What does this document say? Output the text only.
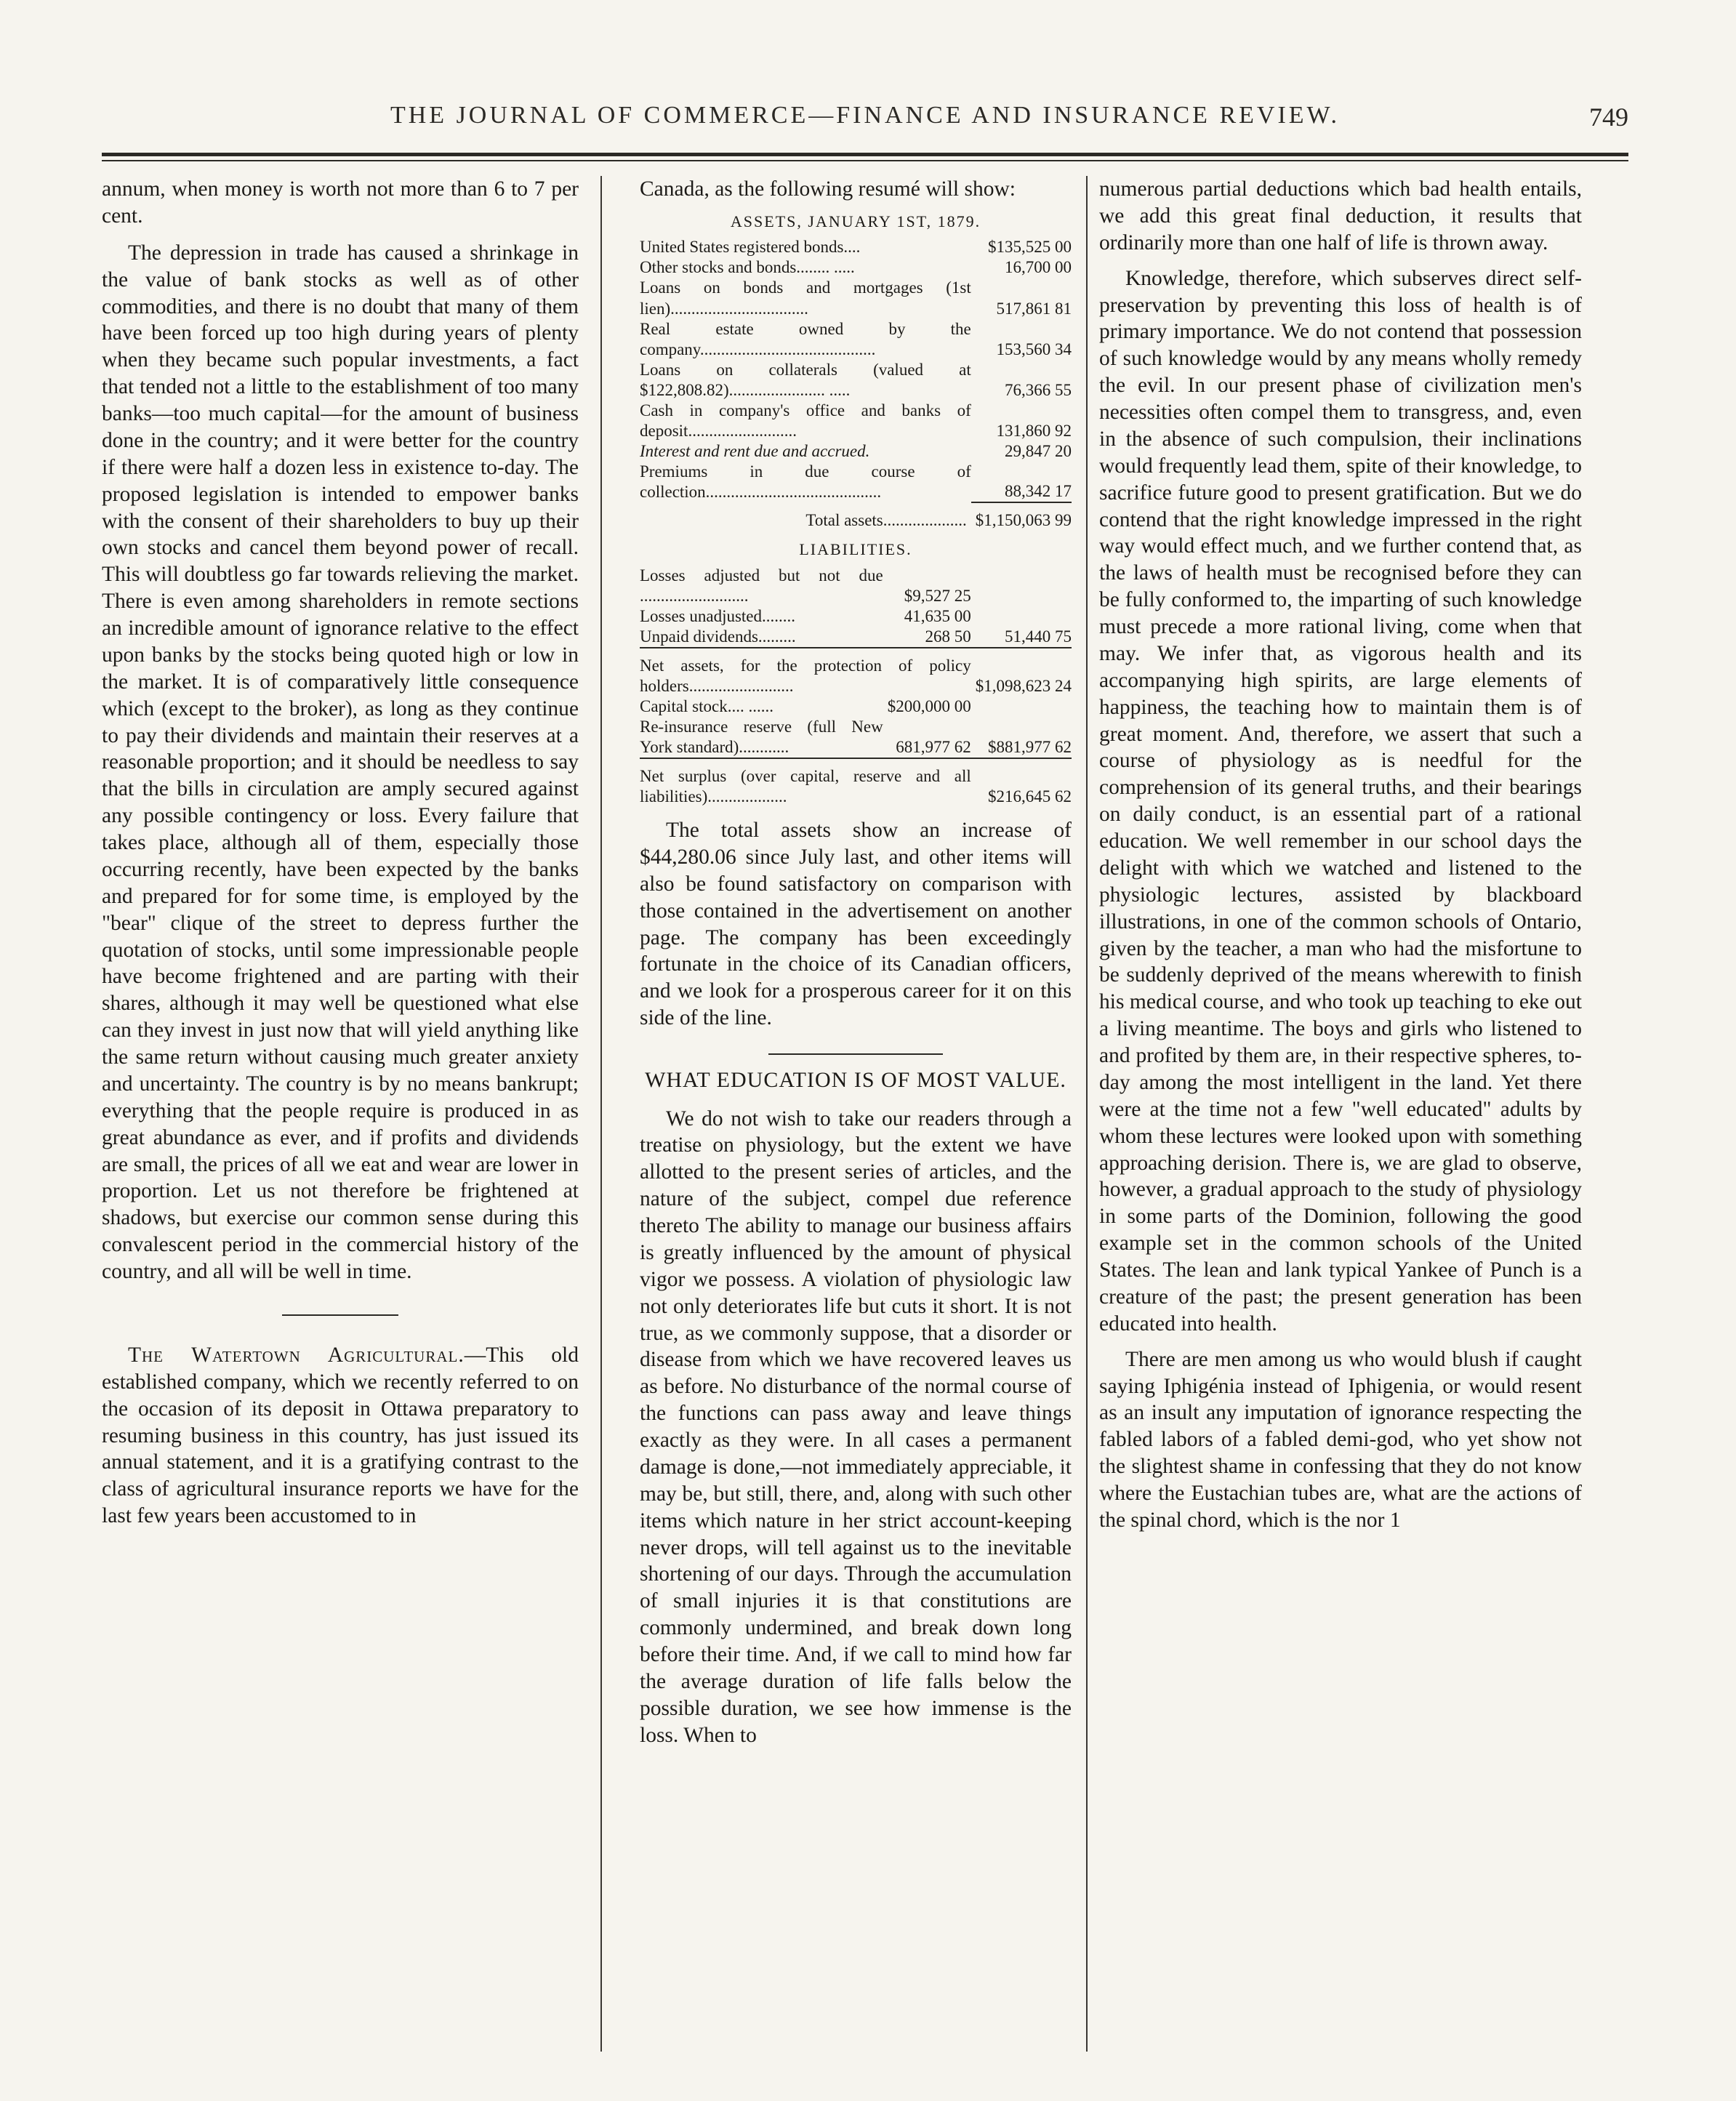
THE JOURNAL OF COMMERCE—FINANCE AND INSURANCE REVIEW.	749

annum, when money is worth not more than 6 to 7 per cent.

The depression in trade has caused a shrinkage in the value of bank stocks as well as of other commodities, and there is no doubt that many of them have been forced up too high during years of plenty when they became such popular investments, a fact that tended not a little to the establishment of too many banks—too much capital—for the amount of business done in the country; and it were better for the country if there were half a dozen less in existence to-day. The proposed legislation is intended to empower banks with the consent of their shareholders to buy up their own stocks and cancel them beyond power of recall. This will doubtless go far towards relieving the market. There is even among shareholders in remote sections an incredible amount of ignorance relative to the effect upon banks by the stocks being quoted high or low in the market. It is of comparatively little consequence which (except to the broker), as long as they continue to pay their dividends and maintain their reserves at a reasonable proportion; and it should be needless to say that the bills in circulation are amply secured against any possible contingency or loss. Every failure that takes place, although all of them, especially those occurring recently, have been expected by the banks and prepared for for some time, is employed by the "bear" clique of the street to depress further the quotation of stocks, until some impressionable people have become frightened and are parting with their shares, although it may well be questioned what else can they invest in just now that will yield anything like the same return without causing much greater anxiety and uncertainty. The country is by no means bankrupt; everything that the people require is produced in as great abundance as ever, and if profits and dividends are small, the prices of all we eat and wear are lower in proportion. Let us not therefore be frightened at shadows, but exercise our common sense during this convalescent period in the commercial history of the country, and all will be well in time.

The Watertown Agricultural.—This old established company, which we recently referred to on the occasion of its deposit in Ottawa preparatory to resuming business in this country, has just issued its annual statement, and it is a gratifying contrast to the class of agricultural insurance reports we have for the last few years been accustomed to in

Canada, as the following resumé will show:

ASSETS, JANUARY 1ST, 1879.
United States registered bonds....	$135,525 00
Other stocks and bonds........ .....	16,700 00
Loans on bonds and mortgages (1st lien).................................	517,861 81
Real estate owned by the company..........................................	153,560 34
Loans on collaterals (valued at $122,808.82)....................... .....	76,366 55
Cash in company's office and banks of deposit..........................	131,860 92
Interest and rent due and accrued.	29,847 20
Premiums in due course of collection..........................................	88,342 17
Total assets....................	$1,150,063 99
LIABILITIES.
Losses adjusted but not due ..........................	$9,527 25	
Losses unadjusted........	41,635 00	
Unpaid dividends.........	268 50	51,440 75
Net assets, for the protection of policy holders.........................		$1,098,623 24
Capital stock.... ......	$200,000 00	
Re-insurance reserve (full New York standard)............	681,977 62	$881,977 62
Net surplus (over capital, reserve and all liabilities)...................		$216,645 62

The total assets show an increase of $44,280.06 since July last, and other items will also be found satisfactory on comparison with those contained in the advertisement on another page. The company has been exceedingly fortunate in the choice of its Canadian officers, and we look for a prosperous career for it on this side of the line.

WHAT EDUCATION IS OF MOST VALUE.

We do not wish to take our readers through a treatise on physiology, but the extent we have allotted to the present series of articles, and the nature of the subject, compel due reference thereto The ability to manage our business affairs is greatly influenced by the amount of physical vigor we possess. A violation of physiologic law not only deteriorates life but cuts it short. It is not true, as we commonly suppose, that a disorder or disease from which we have recovered leaves us as before. No disturbance of the normal course of the functions can pass away and leave things exactly as they were. In all cases a permanent damage is done,—not immediately appreciable, it may be, but still, there, and, along with such other items which nature in her strict account-keeping never drops, will tell against us to the inevitable shortening of our days. Through the accumulation of small injuries it is that constitutions are commonly undermined, and break down long before their time. And, if we call to mind how far the average duration of life falls below the possible duration, we see how immense is the loss. When to

numerous partial deductions which bad health entails, we add this great final deduction, it results that ordinarily more than one half of life is thrown away.

Knowledge, therefore, which subserves direct self-preservation by preventing this loss of health is of primary importance. We do not contend that possession of such knowledge would by any means wholly remedy the evil. In our present phase of civilization men's necessities often compel them to transgress, and, even in the absence of such compulsion, their inclinations would frequently lead them, spite of their knowledge, to sacrifice future good to present gratification. But we do contend that the right knowledge impressed in the right way would effect much, and we further contend that, as the laws of health must be recognised before they can be fully conformed to, the imparting of such knowledge must precede a more rational living, come when that may. We infer that, as vigorous health and its accompanying high spirits, are large elements of happiness, the teaching how to maintain them is of great moment. And, therefore, we assert that such a course of physiology as is needful for the comprehension of its general truths, and their bearings on daily conduct, is an essential part of a rational education. We well remember in our school days the delight with which we watched and listened to the physiologic lectures, assisted by blackboard illustrations, in one of the common schools of Ontario, given by the teacher, a man who had the misfortune to be suddenly deprived of the means wherewith to finish his medical course, and who took up teaching to eke out a living meantime. The boys and girls who listened to and profited by them are, in their respective spheres, to-day among the most intelligent in the land. Yet there were at the time not a few "well educated" adults by whom these lectures were looked upon with something approaching derision. There is, we are glad to observe, however, a gradual approach to the study of physiology in some parts of the Dominion, following the good example set in the common schools of the United States. The lean and lank typical Yankee of Punch is a creature of the past; the present generation has been educated into health.

There are men among us who would blush if caught saying Iphigénia instead of Iphigenia, or would resent as an insult any imputation of ignorance respecting the fabled labors of a fabled demi-god, who yet show not the slightest shame in confessing that they do not know where the Eustachian tubes are, what are the actions of the spinal chord, which is the nor 1
